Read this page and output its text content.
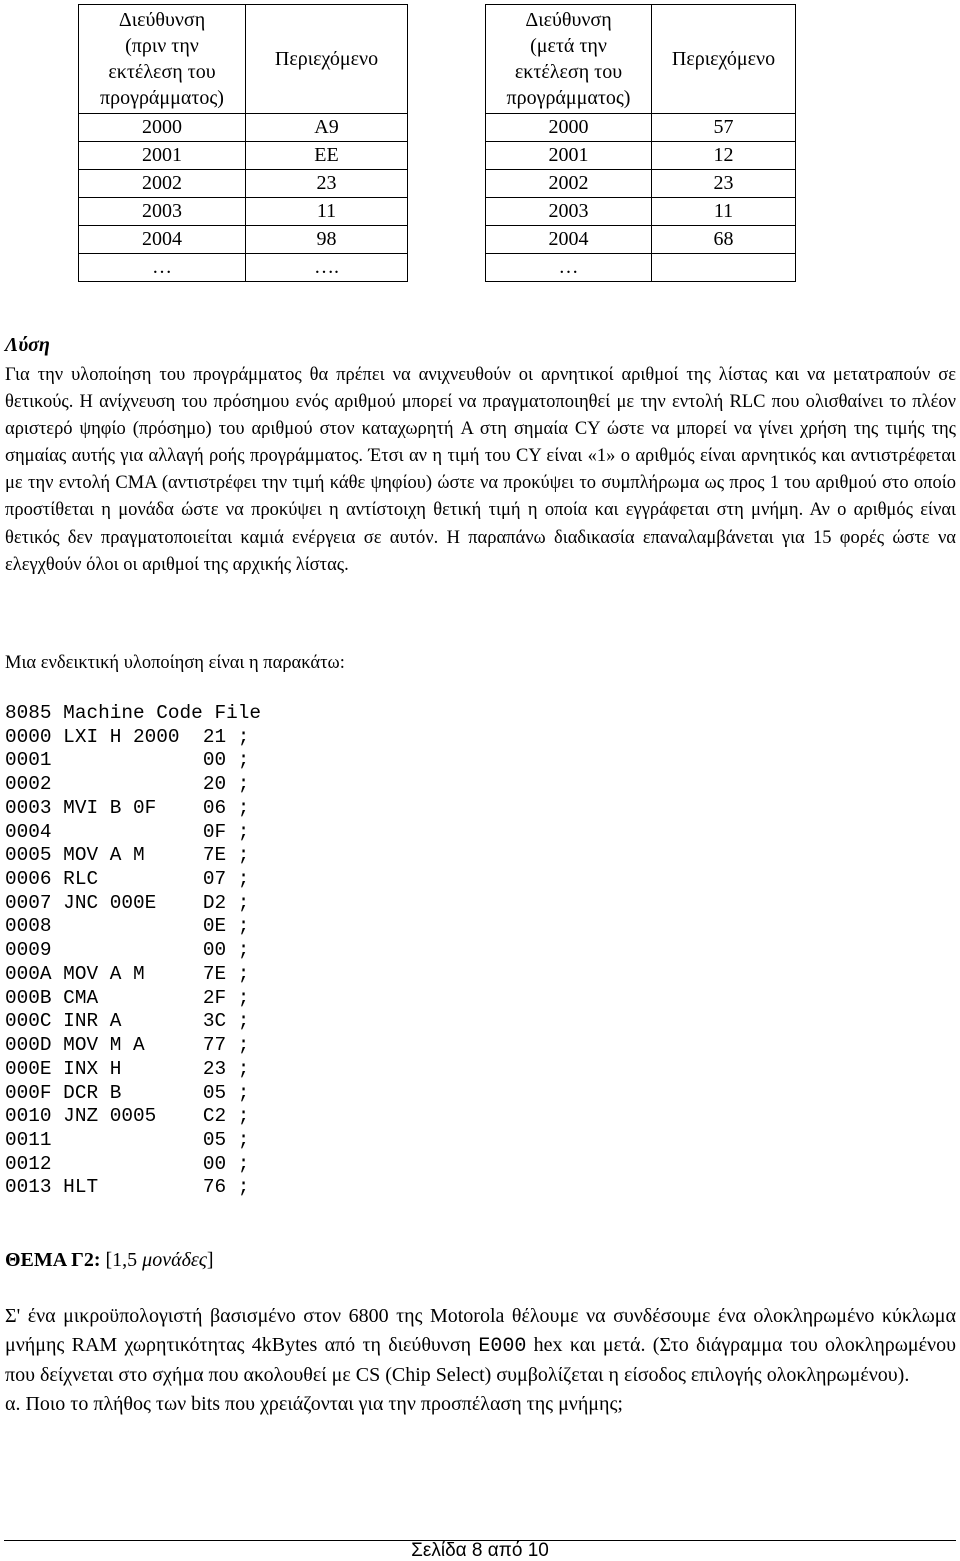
Διεύθυνση
(πριν την
εκτέλεση του
προγράμματος)	Περιεχόμενο
2000	A9
2001	EE
2002	23
2003	11
2004	98
…	….
Διεύθυνση
(μετά την
εκτέλεση του
προγράμματος)	Περιεχόμενο
2000	57
2001	12
2002	23
2003	11
2004	68
…	
Λύση
Για την υλοποίηση του προγράμματος θα πρέπει να ανιχνευθούν οι αρνητικοί αριθμοί της λίστας και να μετατραπούν σε θετικούς. Η ανίχνευση του πρόσημου ενός αριθμού μπορεί να πραγματοποιηθεί με την εντολή RLC που ολισθαίνει το πλέον αριστερό ψηφίο (πρόσημο) του αριθμού στον καταχωρητή A στη σημαία CY ώστε να μπορεί να γίνει χρήση της τιμής της σημαίας αυτής για αλλαγή ροής προγράμματος. Έτσι αν η τιμή του CY είναι «1» ο αριθμός είναι αρνητικός και αντιστρέφεται με την εντολή CMA (αντιστρέφει την τιμή κάθε ψηφίου) ώστε να προκύψει το συμπλήρωμα ως προς 1 του αριθμού στο οποίο προστίθεται η μονάδα ώστε να προκύψει η αντίστοιχη θετική τιμή η οποία και εγγράφεται στη μνήμη. Αν ο αριθμός είναι θετικός δεν πραγματοποιείται καμιά ενέργεια σε αυτόν. Η παραπάνω διαδικασία επαναλαμβάνεται για 15 φορές ώστε να ελεγχθούν όλοι οι αριθμοί της αρχικής λίστας.
Μια ενδεικτική υλοποίηση είναι η παρακάτω:
8085 Machine Code File
0000 LXI H 2000  21 ;
0001             00 ;
0002             20 ;
0003 MVI B 0F    06 ;
0004             0F ;
0005 MOV A M     7E ;
0006 RLC         07 ;
0007 JNC 000E    D2 ;
0008             0E ;
0009             00 ;
000A MOV A M     7E ;
000B CMA         2F ;
000C INR A       3C ;
000D MOV M A     77 ;
000E INX H       23 ;
000F DCR B       05 ;
0010 JNZ 0005    C2 ;
0011             05 ;
0012             00 ;
0013 HLT         76 ;
ΘΕΜΑ Γ2: [1,5 μονάδες]
Σ' ένα μικροϋπολογιστή βασισμένο στον 6800 της Motorola θέλουμε να συνδέσουμε ένα ολοκληρωμένο κύκλωμα μνήμης RAM χωρητικότητας 4kBytes από τη διεύθυνση E000 hex και μετά. (Στο διάγραμμα του ολοκληρωμένου που δείχνεται στο σχήμα που ακολουθεί με CS (Chip Select) συμβολίζεται η είσοδος επιλογής ολοκληρωμένου).
α. Ποιο το πλήθος των bits που χρειάζονται για την προσπέλαση της μνήμης;
Σελίδα 8 από 10
